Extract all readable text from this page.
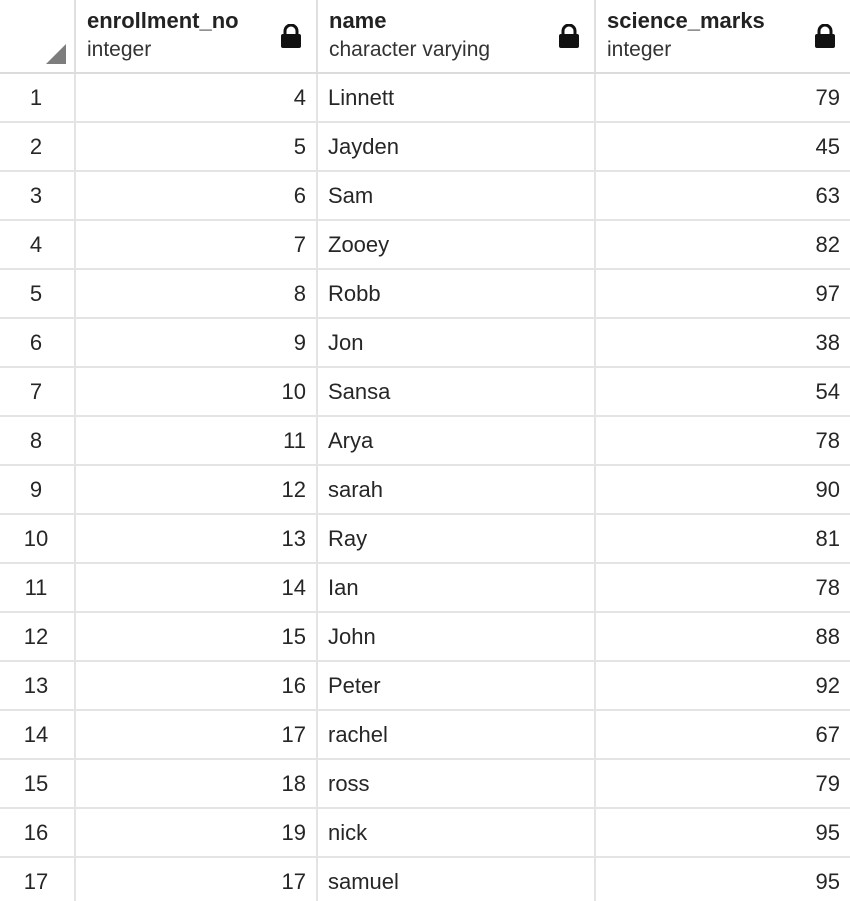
enrollment_no
integer
name
character varying
science_marks
integer
1	4	Linnett	79
2	5	Jayden	45
3	6	Sam	63
4	7	Zooey	82
5	8	Robb	97
6	9	Jon	38
7	10	Sansa	54
8	11	Arya	78
9	12	sarah	90
10	13	Ray	81
11	14	Ian	78
12	15	John	88
13	16	Peter	92
14	17	rachel	67
15	18	ross	79
16	19	nick	95
17	17	samuel	95
